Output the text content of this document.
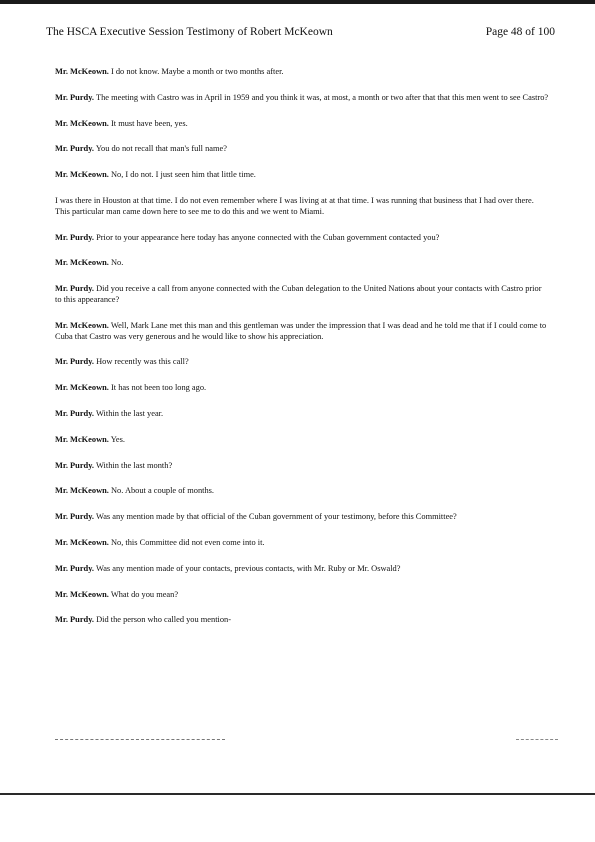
The HSCA Executive Session Testimony of Robert McKeown	Page 48 of 100

Mr. McKeown. I do not know. Maybe a month or two months after.

Mr. Purdy. The meeting with Castro was in April in 1959 and you think it was, at most, a month or two after that that this men went to see Castro?

Mr. McKeown. It must have been, yes.

Mr. Purdy. You do not recall that man's full name?

Mr. McKeown. No, I do not. I just seen him that little time.

I was there in Houston at that time. I do not even remember where I was living at at that time. I was running that business that I had over there. This particular man came down here to see me to do this and we went to Miami.

Mr. Purdy. Prior to your appearance here today has anyone connected with the Cuban government contacted you?

Mr. McKeown. No.

Mr. Purdy. Did you receive a call from anyone connected with the Cuban delegation to the United Nations about your contacts with Castro prior to this appearance?

Mr. McKeown. Well, Mark Lane met this man and this gentleman was under the impression that I was dead and he told me that if I could come to Cuba that Castro was very generous and he would like to show his appreciation.

Mr. Purdy. How recently was this call?

Mr. McKeown. It has not been too long ago.

Mr. Purdy. Within the last year.

Mr. McKeown. Yes.

Mr. Purdy. Within the last month?

Mr. McKeown. No. About a couple of months.

Mr. Purdy. Was any mention made by that official of the Cuban government of your testimony, before this Committee?

Mr. McKeown. No, this Committee did not even come into it.

Mr. Purdy. Was any mention made of your contacts, previous contacts, with Mr. Ruby or Mr. Oswald?

Mr. McKeown. What do you mean?

Mr. Purdy. Did the person who called you mention-
